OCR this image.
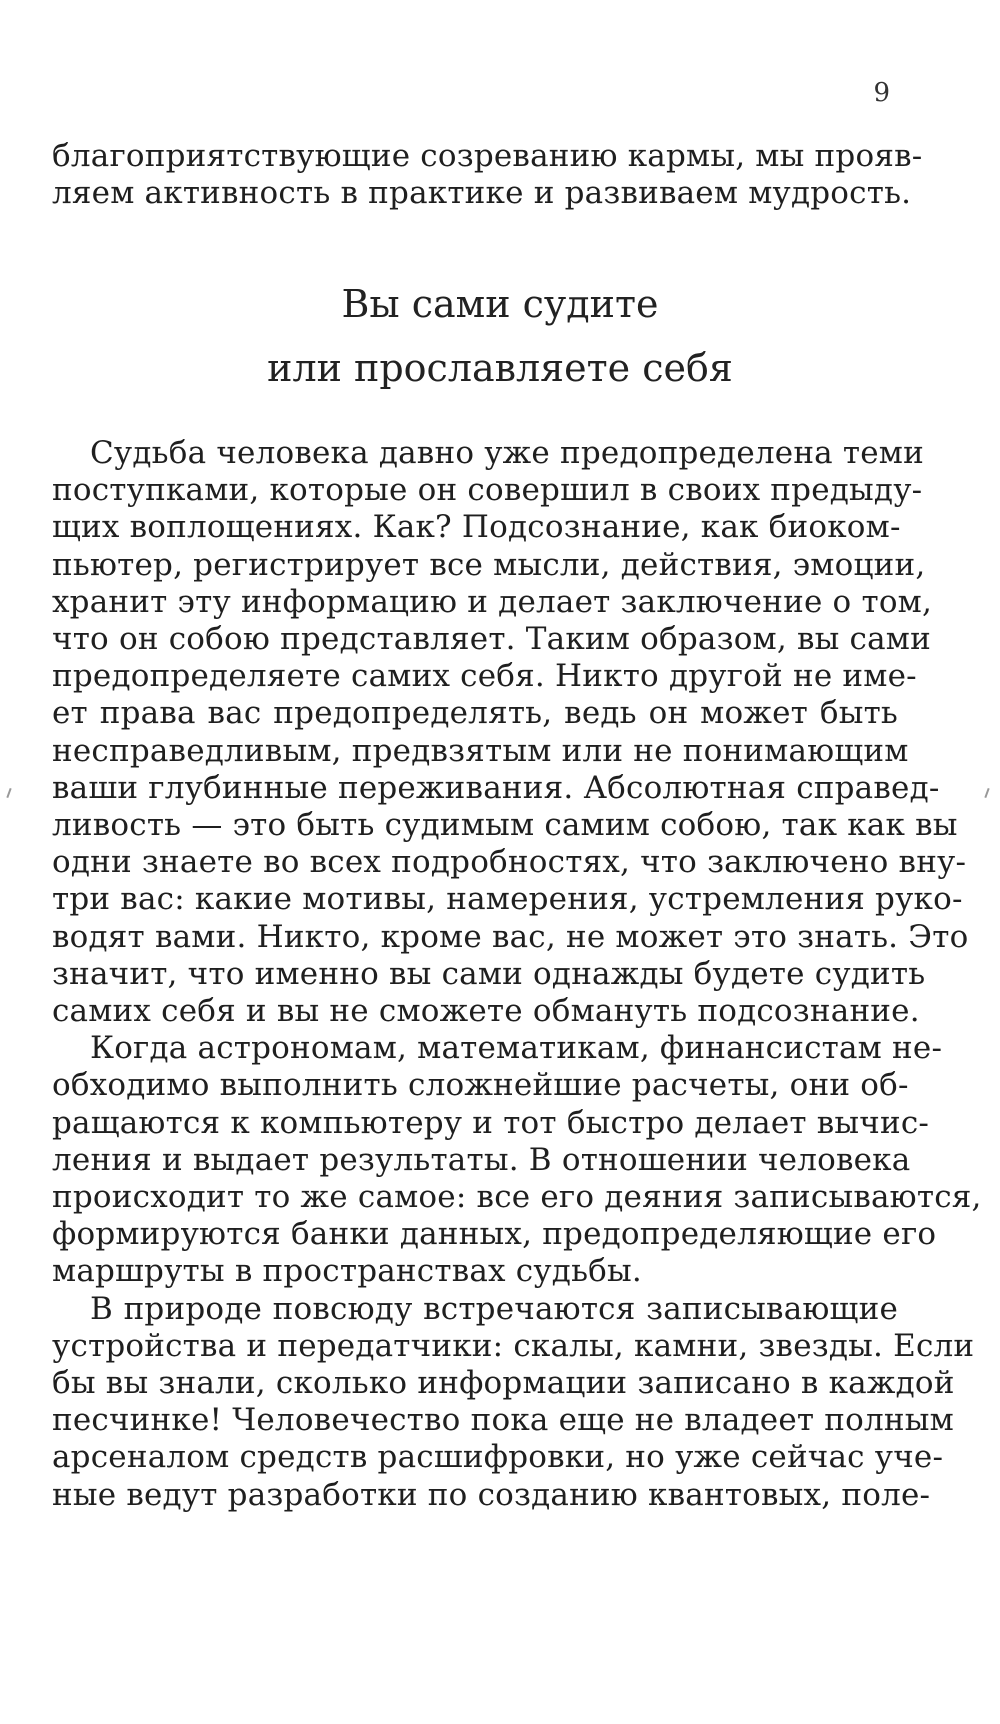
9
благоприятствующие созреванию кармы, мы прояв-
ляем активность в практике и развиваем мудрость.
Вы сами судите
или прославляете себя
Судьба человека давно уже предопределена теми
поступками, которые он совершил в своих предыду-
щих воплощениях. Как? Подсознание, как биоком-
пьютер, регистрирует все мысли, действия, эмоции,
хранит эту информацию и делает заключение о том,
что он собою представляет. Таким образом, вы сами
предопределяете самих себя. Никто другой не име-
ет права вас предопределять, ведь он может быть
несправедливым, предвзятым или не понимающим
ваши глубинные переживания. Абсолютная справед-
ливость — это быть судимым самим собою, так как вы
одни знаете во всех подробностях, что заключено вну-
три вас: какие мотивы, намерения, устремления руко-
водят вами. Никто, кроме вас, не может это знать. Это
значит, что именно вы сами однажды будете судить
самих себя и вы не сможете обмануть подсознание.
Когда астрономам, математикам, финансистам не-
обходимо выполнить сложнейшие расчеты, они об-
ращаются к компьютеру и тот быстро делает вычис-
ления и выдает результаты. В отношении человека
происходит то же самое: все его деяния записываются,
формируются банки данных, предопределяющие его
маршруты в пространствах судьбы.
В природе повсюду встречаются записывающие
устройства и передатчики: скалы, камни, звезды. Если
бы вы знали, сколько информации записано в каждой
песчинке! Человечество пока еще не владеет полным
арсеналом средств расшифровки, но уже сейчас уче-
ные ведут разработки по созданию квантовых, поле-
